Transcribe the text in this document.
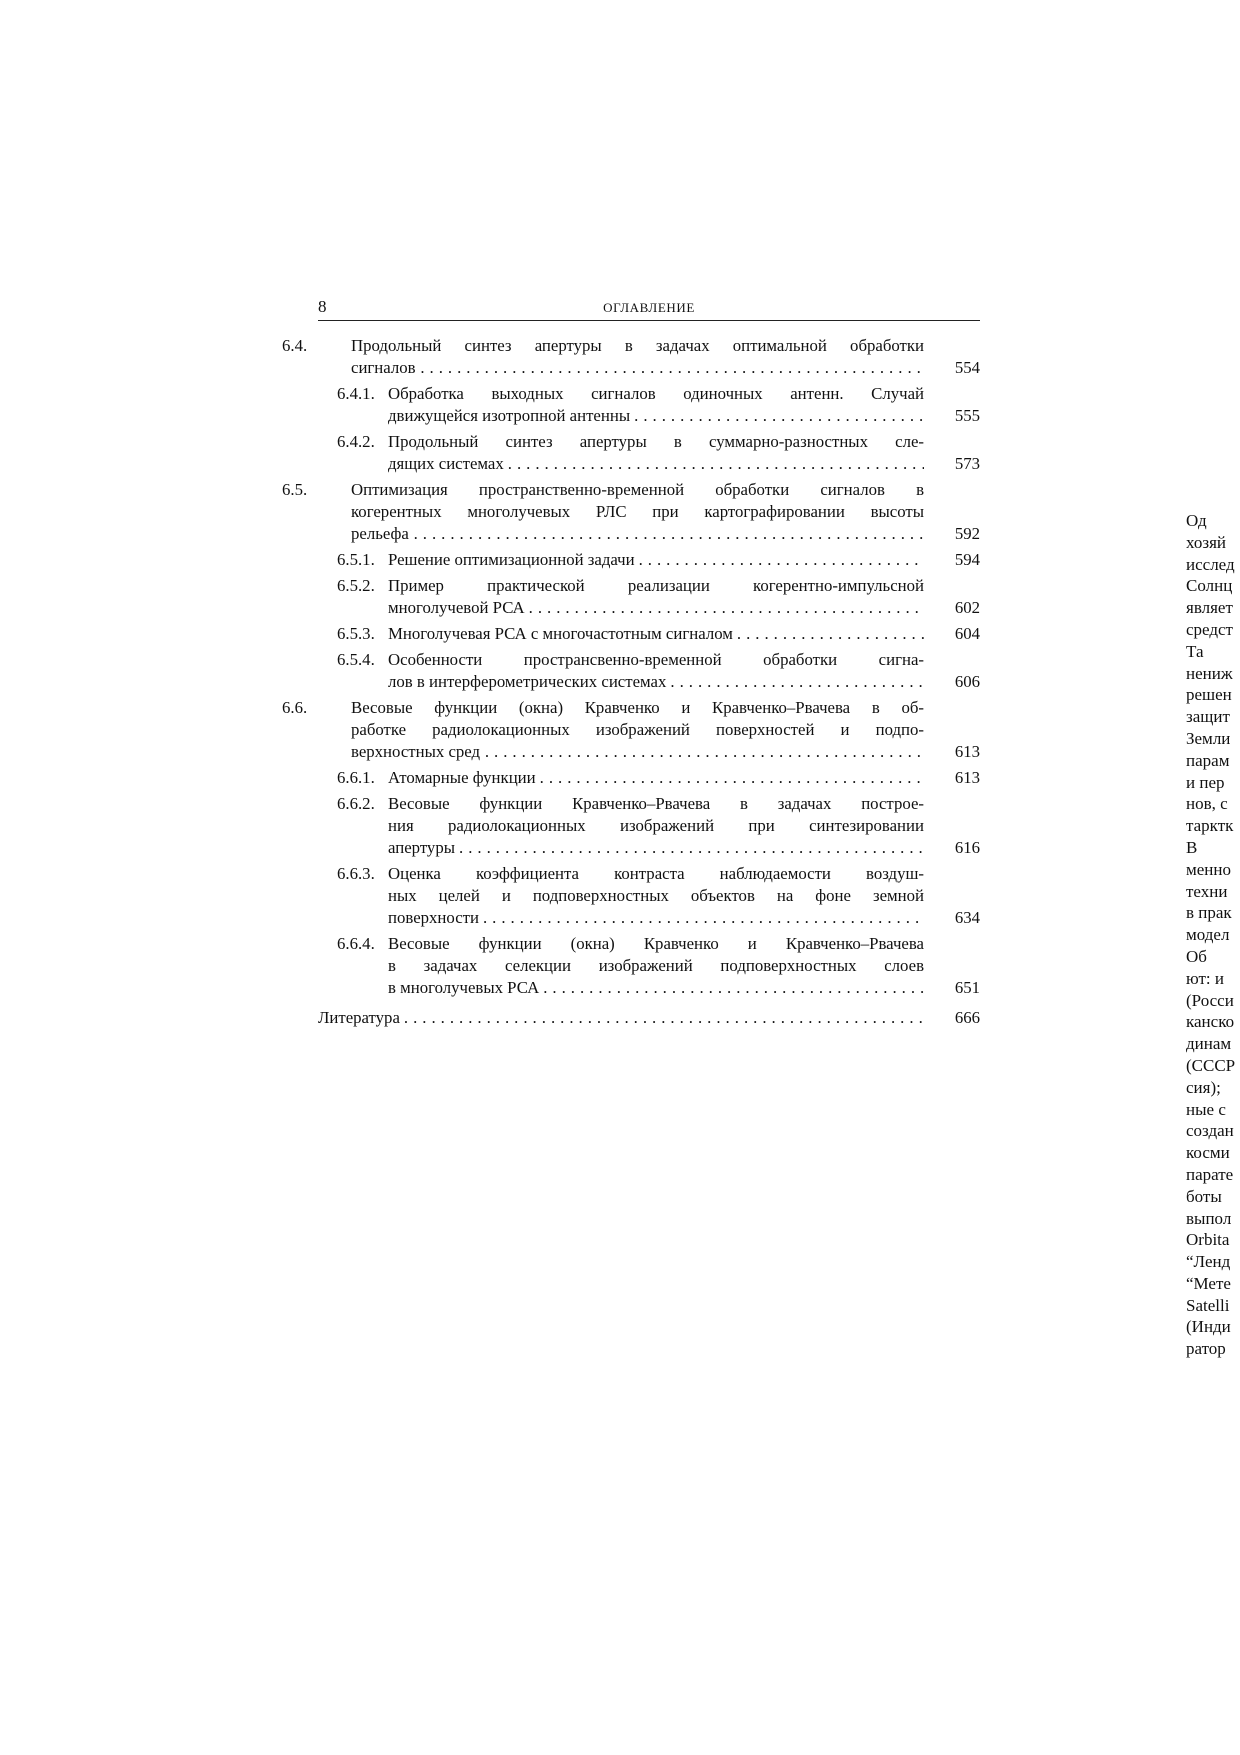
8	ОГЛАВЛЕНИЕ
6.4.	Продольный синтез апертуры в задачах оптимальной обработки
сигналов . . .	554
6.4.1. Обработка выходных сигналов одиночных антенн. Случай
движущейся изотропной антенны . . .	555
6.4.2. Продольный синтез апертуры в суммарно-разностных сле-
дящих системах . . .	573
6.5.	Оптимизация пространственно-временной обработки сигналов в
когерентных многолучевых РЛС при картографировании высоты
рельефа . . .	592
6.5.1. Решение оптимизационной задачи . . .	594
6.5.2. Пример практической реализации когерентно-импульсной
многолучевой РСА . . .	602
6.5.3. Многолучевая РСА с многочастотным сигналом . . .	604
6.5.4. Особенности пространсвенно-временной обработки сигна-
лов в интерферометрических системах . . .	606
6.6.	Весовые функции (окна) Кравченко и Кравченко–Рвачева в об-
работке радиолокационных изображений поверхностей и подпо-
верхностных сред . . .	613
6.6.1. Атомарные функции . . .	613
6.6.2. Весовые функции Кравченко–Рвачева в задачах построе-
ния радиолокационных изображений при синтезировании
апертуры . . .	616
6.6.3. Оценка коэффициента контраста наблюдаемости воздуш-
ных целей и подповерхностных объектов на фоне земной
поверхности . . .	634
6.6.4. Весовые функции (окна) Кравченко и Кравченко–Рвачева
в задачах селекции изображений подповерхностных слоев
в многолучевых РСА . . .	651
Литература . . .	666
Од
хозяй
исслед
Солнц
являет
средст
Та
нениж
решен
защит
Земли
парам
и пер
нов, с
тарктк
В
менно
техни
в прак
модел
Об
ют: и
(Росси
канско
динам
(СССР
сия);
ные с
создан
косми
парате
боты
выпол
Orbita
“Ленд
“Мете
Satelli
(Инди
ратор
